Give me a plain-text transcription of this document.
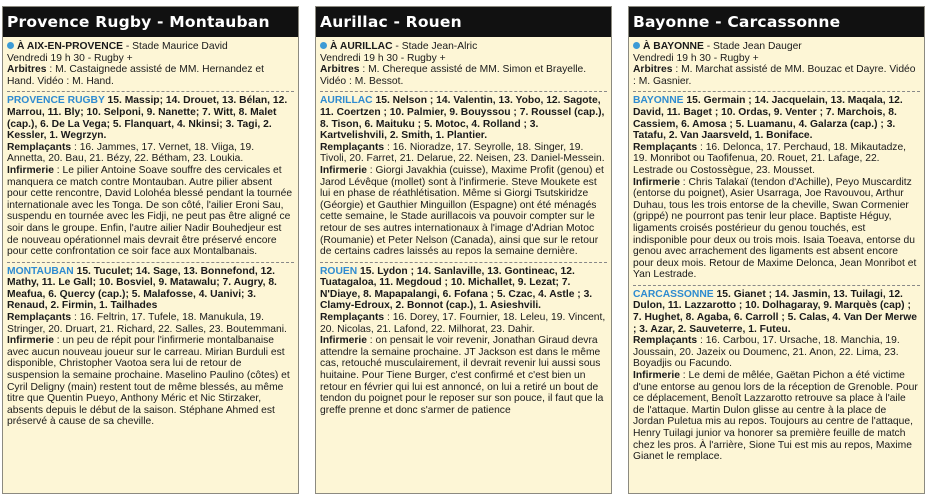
Provence Rugby - Montauban
À AIX-EN-PROVENCE - Stade Maurice David
Vendredi 19 h 30 - Rugby +
Arbitres : M. Castaignede assisté de MM. Hernandez et Hand. Vidéo : M. Hand.

PROVENCE RUGBY 15. Massip; 14. Drouet, 13. Bélan, 12. Marrou, 11. Bly; 10. Selponi, 9. Nanette; 7. Witt, 8. Malet (cap.), 6. De La Vega; 5. Flanquart, 4. Nkinsi; 3. Tagi, 2. Kessler, 1. Wegrzyn.

Remplaçants : 16. Jammes, 17. Vernet, 18. Viiga, 19. Annetta, 20. Bau, 21. Bézy, 22. Bétham, 23. Loukia.

Infirmerie : Le pilier Antoine Soave souffre des cervicales et manquera ce match contre Montauban. Autre pilier absent pour cette rencontre, David Lolohéa blessé pendant la tournée internationale avec les Tonga. De son côté, l'ailier Eroni Sau, suspendu en tournée avec les Fidji, ne peut pas être aligné ce soir dans le groupe. Enfin, l'autre ailier Nadir Bouhedjeur est de nouveau opérationnel mais devrait être préservé encore pour cette confrontation ce soir face aux Montalbanais.

MONTAUBAN 15. Tuculet; 14. Sage, 13. Bonnefond, 12. Mathy, 11. Le Gall; 10. Bosviel, 9. Matawalu; 7. Augry, 8. Meafua, 6. Quercy (cap.); 5. Malafosse, 4. Uanivi; 3. Renaud, 2. Firmin, 1. Tailhades

Remplaçants : 16. Feltrin, 17. Tufele, 18. Manukula, 19. Stringer, 20. Druart, 21. Richard, 22. Salles, 23. Boutemmani.

Infirmerie : un peu de répit pour l'infirmerie montalbanaise avec aucun nouveau joueur sur le carreau. Mirian Burduli est disponible, Christopher Vaotoa sera lui de retour de suspension la semaine prochaine. Maselino Paulino (côtes) et Cyril Deligny (main) restent tout de même blessés, au même titre que Quentin Pueyo, Anthony Méric et Nic Stirzaker, absents depuis le début de la saison. Stéphane Ahmed est préservé à cause de sa cheville.

Aurillac - Rouen
À AURILLAC - Stade Jean-Alric
Vendredi 19 h 30 - Rugby +
Arbitres : M. Chereque assisté de MM. Simon et Brayelle. Vidéo : M. Bessot.

AURILLAC 15. Nelson ; 14. Valentin, 13. Yobo, 12. Sagote, 11. Coertzen ; 10. Palmier, 9. Bouyssou ; 7. Roussel (cap.), 8. Tison, 6. Maituku ; 5. Motoc, 4. Rolland ; 3. Kartvelishvili, 2. Smith, 1. Plantier.

Remplaçants : 16. Nioradze, 17. Seyrolle, 18. Singer, 19. Tivoli, 20. Farret, 21. Delarue, 22. Neisen, 23. Daniel-Messein.

Infirmerie : Giorgi Javakhia (cuisse), Maxime Profit (genou) et Jarod Lévêque (mollet) sont à l'infirmerie. Steve Moukete est lui en phase de réathlétisation. Même si Giorgi Tsutskiridze (Géorgie) et Gauthier Minguillon (Espagne) ont été ménagés cette semaine, le Stade aurillacois va pouvoir compter sur le retour de ses autres internationaux à l'image d'Adrian Motoc (Roumanie) et Peter Nelson (Canada), ainsi que sur le retour de certains cadres laissés au repos la semaine dernière.

ROUEN 15. Lydon ; 14. Sanlaville, 13. Gontineac, 12. Tuatagaloa, 11. Megdoud ; 10. Michallet, 9. Lezat; 7. N'Diaye, 8. Mapapalangi, 6. Fofana ; 5. Czac, 4. Astle ; 3. Clamy-Edroux, 2. Bonnot (cap.), 1. Asieshvili.

Remplaçants : 16. Dorey, 17. Fournier, 18. Leleu, 19. Vincent, 20. Nicolas, 21. Lafond, 22. Milhorat, 23. Dahir.

Infirmerie : on pensait le voir revenir, Jonathan Giraud devra attendre la semaine prochaine. JT Jackson est dans le même cas, retouché musculairement, il devrait revenir lui aussi sous huitaine. Pour Tiene Burger, c'est confirmé et c'est bien un retour en février qui lui est annoncé, on lui a retiré un bout de tendon du poignet pour le reposer sur son pouce, il faut que la greffe prenne et donc s'armer de patience

Bayonne - Carcassonne
À BAYONNE - Stade Jean Dauger
Vendredi 19 h 30 - Rugby +
Arbitres : M. Marchat assisté de MM. Bouzac et Dayre. Vidéo : M. Gasnier.

BAYONNE 15. Germain ; 14. Jacquelain, 13. Maqala, 12. David, 11. Baget ; 10. Ordas, 9. Venter ; 7. Marchois, 8. Cassiem, 6. Amosa ; 5. Luamanu, 4. Galarza (cap.) ; 3. Tatafu, 2. Van Jaarsveld, 1. Boniface.

Remplaçants : 16. Delonca, 17. Perchaud, 18. Mikautadze, 19. Monribot ou Taofifenua, 20. Rouet, 21. Lafage, 22. Lestrade ou Costossègue, 23. Mousset.

Infirmerie : Chris Talakaï (tendon d'Achille), Peyo Muscarditz (entorse du poignet), Asier Usarraga, Joe Ravouvou, Arthur Duhau, tous les trois entorse de la cheville, Swan Cormenier (grippé) ne pourront pas tenir leur place. Baptiste Héguy, ligaments croisés postérieur du genou touchés, est indisponible pour deux ou trois mois. Isaia Toeava, entorse du genou avec arrachement des ligaments est absent encore pour deux mois. Retour de Maxime Delonca, Jean Monribot et Yan Lestrade.

CARCASSONNE 15. Gianet ; 14. Jasmin, 13. Tuilagi, 12. Dulon, 11. Lazzarotto ; 10. Dolhagaray, 9. Marquès (cap) ; 7. Hughet, 8. Agaba, 6. Carroll ; 5. Calas, 4. Van Der Merwe ; 3. Azar, 2. Sauveterre, 1. Futeu.

Remplaçants : 16. Carbou, 17. Ursache, 18. Manchia, 19. Joussain, 20. Jazeix ou Doumenc, 21. Anon, 22. Lima, 23. Boyadjis ou Facundo.

Infirmerie : Le demi de mêlée, Gaëtan Pichon a été victime d'une entorse au genou lors de la réception de Grenoble. Pour ce déplacement, Benoît Lazzarotto retrouve sa place à l'aile de l'attaque. Martin Dulon glisse au centre à la place de Jordan Puletua mis au repos. Toujours au centre de l'attaque, Henry Tuilagi junior va honorer sa première feuille de match chez les pros. À l'arrière, Sione Tui est mis au repos, Maxime Gianet le remplace.
